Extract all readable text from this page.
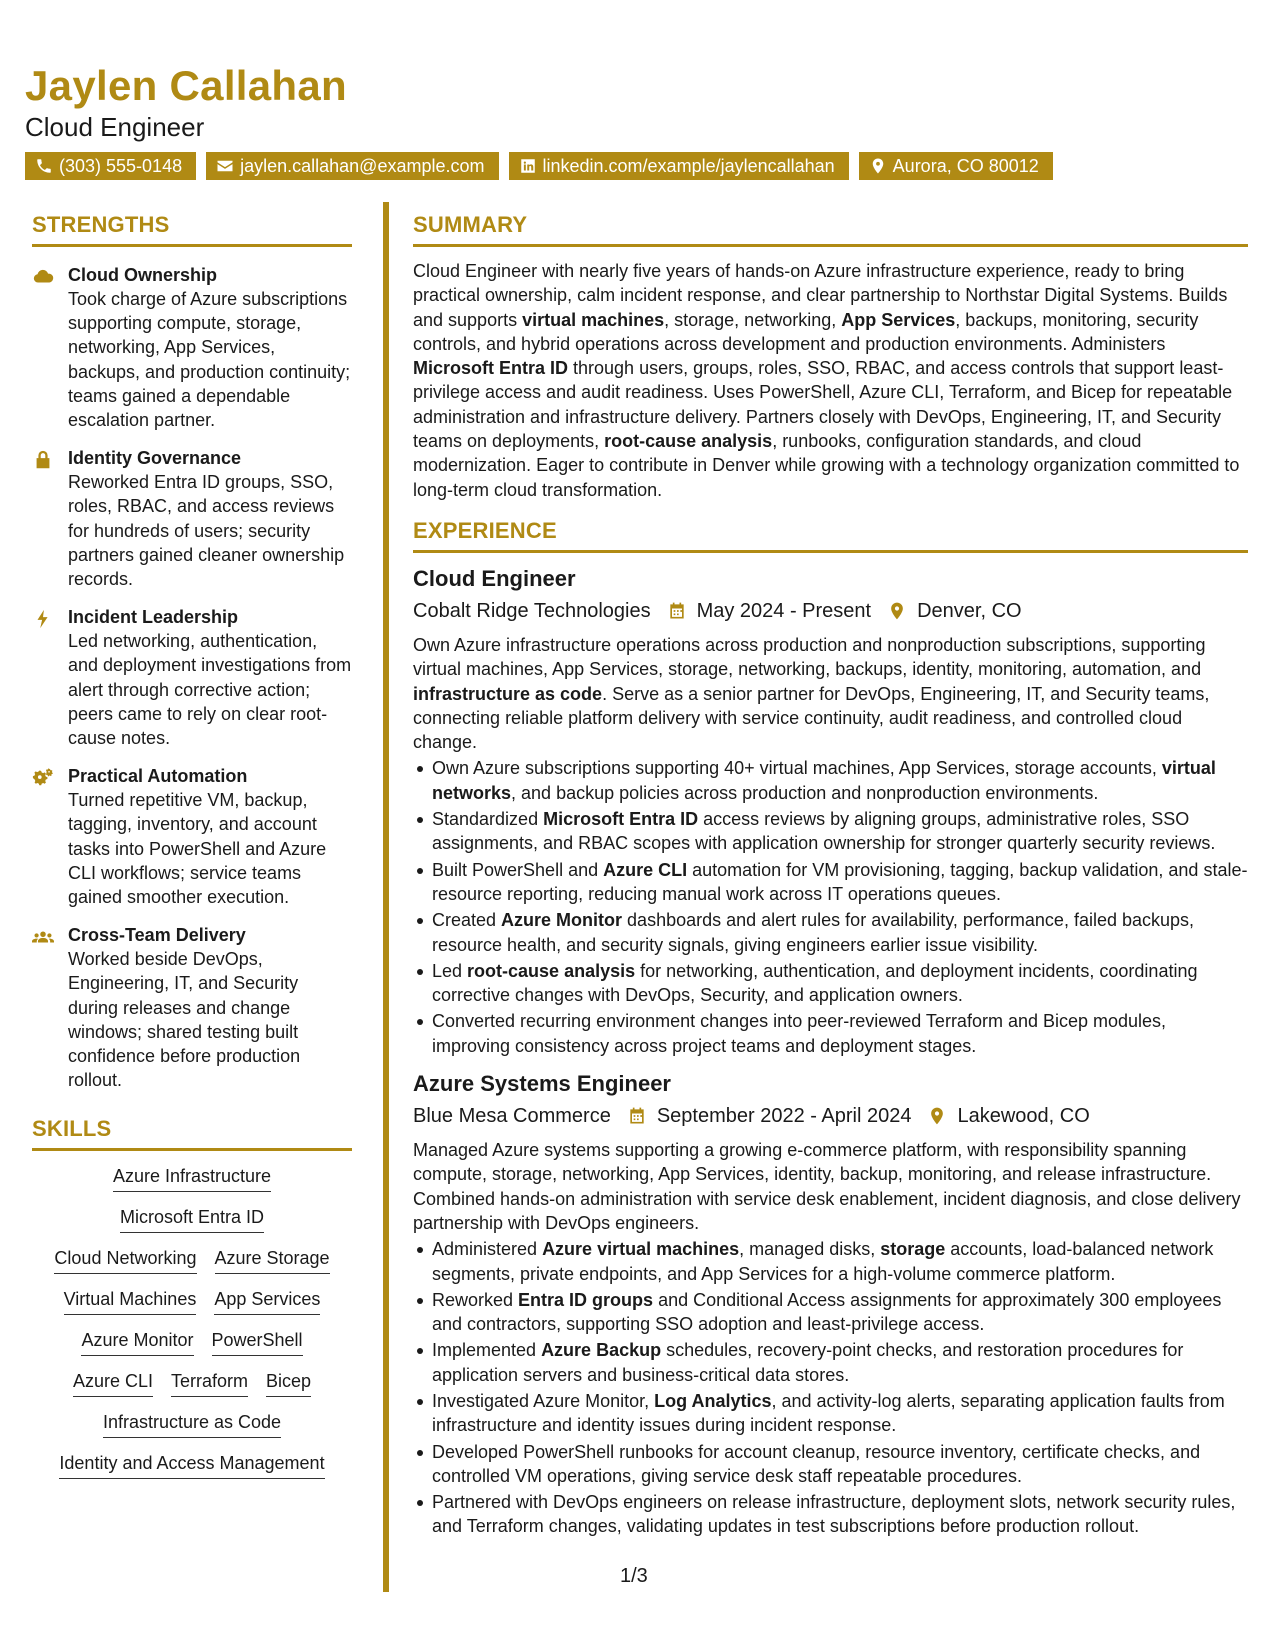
Jaylen Callahan
Cloud Engineer
(303) 555-0148	jaylen.callahan@example.com	linkedin.com/example/jaylencallahan	Aurora, CO 80012
STRENGTHS
Cloud Ownership
Took charge of Azure subscriptions supporting compute, storage, networking, App Services, backups, and production continuity; teams gained a dependable escalation partner.
Identity Governance
Reworked Entra ID groups, SSO, roles, RBAC, and access reviews for hundreds of users; security partners gained cleaner ownership records.
Incident Leadership
Led networking, authentication, and deployment investigations from alert through corrective action; peers came to rely on clear root-cause notes.
Practical Automation
Turned repetitive VM, backup, tagging, inventory, and account tasks into PowerShell and Azure CLI workflows; service teams gained smoother execution.
Cross-Team Delivery
Worked beside DevOps, Engineering, IT, and Security during releases and change windows; shared testing built confidence before production rollout.
SKILLS
Azure Infrastructure
Microsoft Entra ID
Cloud Networking Azure Storage
Virtual Machines App Services
Azure Monitor PowerShell
Azure CLI Terraform Bicep
Infrastructure as Code
Identity and Access Management
SUMMARY
Cloud Engineer with nearly five years of hands-on Azure infrastructure experience, ready to bring practical ownership, calm incident response, and clear partnership to Northstar Digital Systems. Builds and supports virtual machines, storage, networking, App Services, backups, monitoring, security controls, and hybrid operations across development and production environments. Administers Microsoft Entra ID through users, groups, roles, SSO, RBAC, and access controls that support least-privilege access and audit readiness. Uses PowerShell, Azure CLI, Terraform, and Bicep for repeatable administration and infrastructure delivery. Partners closely with DevOps, Engineering, IT, and Security teams on deployments, root-cause analysis, runbooks, configuration standards, and cloud modernization. Eager to contribute in Denver while growing with a technology organization committed to long-term cloud transformation.
EXPERIENCE
Cloud Engineer
Cobalt Ridge Technologies May 2024 - Present Denver, CO
Own Azure infrastructure operations across production and nonproduction subscriptions, supporting virtual machines, App Services, storage, networking, backups, identity, monitoring, automation, and infrastructure as code. Serve as a senior partner for DevOps, Engineering, IT, and Security teams, connecting reliable platform delivery with service continuity, audit readiness, and controlled cloud change.
Own Azure subscriptions supporting 40+ virtual machines, App Services, storage accounts, virtual networks, and backup policies across production and nonproduction environments.
Standardized Microsoft Entra ID access reviews by aligning groups, administrative roles, SSO assignments, and RBAC scopes with application ownership for stronger quarterly security reviews.
Built PowerShell and Azure CLI automation for VM provisioning, tagging, backup validation, and stale-resource reporting, reducing manual work across IT operations queues.
Created Azure Monitor dashboards and alert rules for availability, performance, failed backups, resource health, and security signals, giving engineers earlier issue visibility.
Led root-cause analysis for networking, authentication, and deployment incidents, coordinating corrective changes with DevOps, Security, and application owners.
Converted recurring environment changes into peer-reviewed Terraform and Bicep modules, improving consistency across project teams and deployment stages.
Azure Systems Engineer
Blue Mesa Commerce September 2022 - April 2024 Lakewood, CO
Managed Azure systems supporting a growing e-commerce platform, with responsibility spanning compute, storage, networking, App Services, identity, backup, monitoring, and release infrastructure. Combined hands-on administration with service desk enablement, incident diagnosis, and close delivery partnership with DevOps engineers.
Administered Azure virtual machines, managed disks, storage accounts, load-balanced network segments, private endpoints, and App Services for a high-volume commerce platform.
Reworked Entra ID groups and Conditional Access assignments for approximately 300 employees and contractors, supporting SSO adoption and least-privilege access.
Implemented Azure Backup schedules, recovery-point checks, and restoration procedures for application servers and business-critical data stores.
Investigated Azure Monitor, Log Analytics, and activity-log alerts, separating application faults from infrastructure and identity issues during incident response.
Developed PowerShell runbooks for account cleanup, resource inventory, certificate checks, and controlled VM operations, giving service desk staff repeatable procedures.
Partnered with DevOps engineers on release infrastructure, deployment slots, network security rules, and Terraform changes, validating updates in test subscriptions before production rollout.
1/3
